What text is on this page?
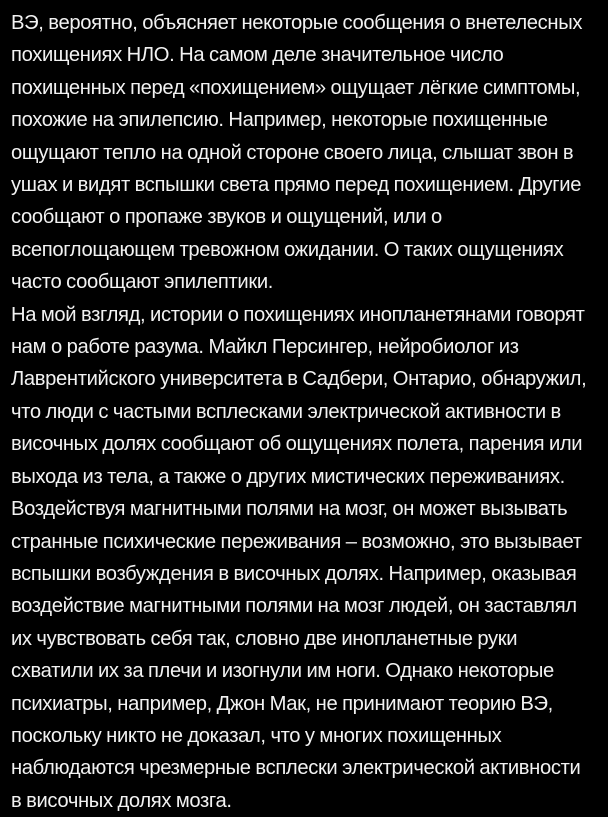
ВЭ, вероятно, объясняет некоторые сообщения о внетелесных
похищениях НЛО. На самом деле значительное число
похищенных перед «похищением» ощущает лёгкие симптомы,
похожие на эпилепсию. Например, некоторые похищенные
ощущают тепло на одной стороне своего лица, слышат звон в
ушах и видят вспышки света прямо перед похищением. Другие
сообщают о пропаже звуков и ощущений, или о
всепоглощающем тревожном ожидании. О таких ощущениях
часто сообщают эпилептики.

На мой взгляд, истории о похищениях инопланетянами говорят
нам о работе разума. Майкл Персингер, нейробиолог из
Лаврентийского университета в Садбери, Онтарио, обнаружил,
что люди с частыми всплесками электрической активности в
височных долях сообщают об ощущениях полета, парения или
выхода из тела, а также о других мистических переживаниях.
Воздействуя магнитными полями на мозг, он может вызывать
странные психические переживания – возможно, это вызывает
вспышки возбуждения в височных долях. Например, оказывая
воздействие магнитными полями на мозг людей, он заставлял
их чувствовать себя так, словно две инопланетные руки
схватили их за плечи и изогнули им ноги. Однако некоторые
психиатры, например, Джон Мак, не принимают теорию ВЭ,
поскольку никто не доказал, что у многих похищенных
наблюдаются чрезмерные всплески электрической активности
в височных долях мозга.
